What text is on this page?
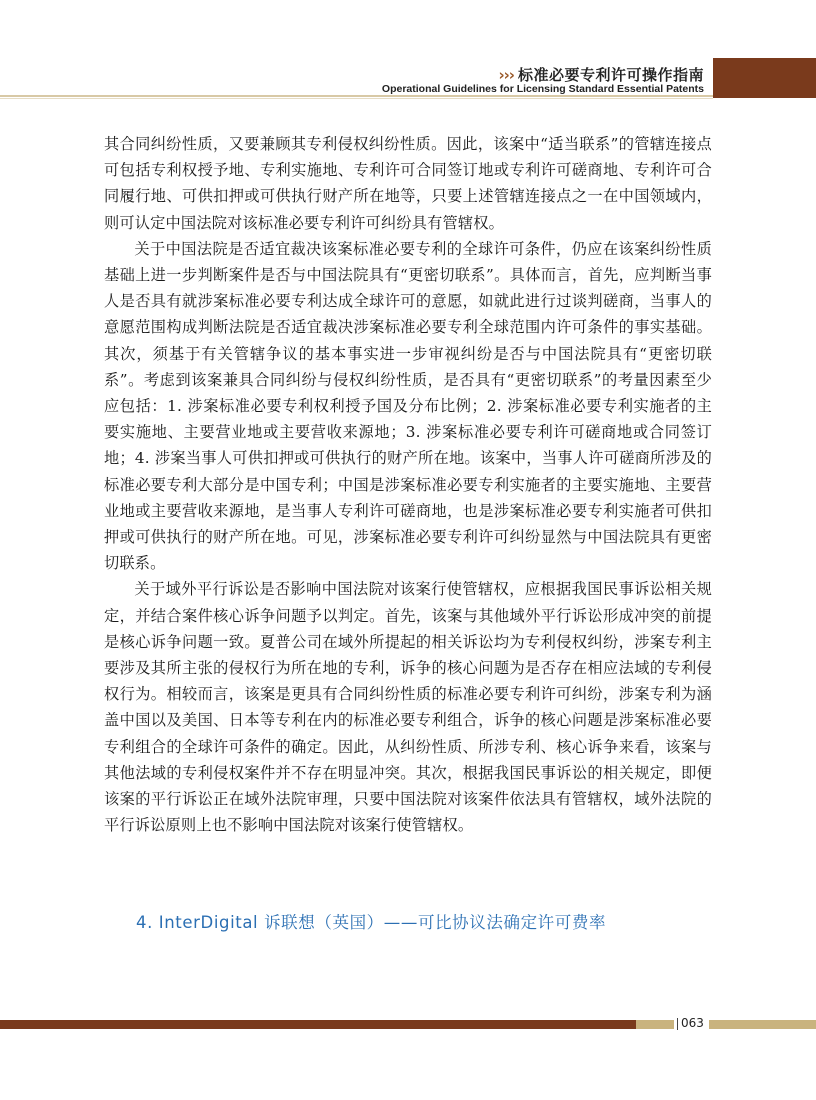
››› 标准必要专利许可操作指南
Operational Guidelines for Licensing Standard Essential Patents

其合同纠纷性质，又要兼顾其专利侵权纠纷性质。因此，该案中“适当联系”的管辖连接点可包括专利权授予地、专利实施地、专利许可合同签订地或专利许可磋商地、专利许可合同履行地、可供扣押或可供执行财产所在地等，只要上述管辖连接点之一在中国领域内，则可认定中国法院对该标准必要专利许可纠纷具有管辖权。

关于中国法院是否适宜裁决该案标准必要专利的全球许可条件，仍应在该案纠纷性质基础上进一步判断案件是否与中国法院具有“更密切联系”。具体而言，首先，应判断当事人是否具有就涉案标准必要专利达成全球许可的意愿，如就此进行过谈判磋商，当事人的意愿范围构成判断法院是否适宜裁决涉案标准必要专利全球范围内许可条件的事实基础。其次，须基于有关管辖争议的基本事实进一步审视纠纷是否与中国法院具有“更密切联系”。考虑到该案兼具合同纠纷与侵权纠纷性质，是否具有“更密切联系”的考量因素至少应包括：1. 涉案标准必要专利权利授予国及分布比例；2. 涉案标准必要专利实施者的主要实施地、主要营业地或主要营收来源地；3. 涉案标准必要专利许可磋商地或合同签订地；4. 涉案当事人可供扣押或可供执行的财产所在地。该案中，当事人许可磋商所涉及的标准必要专利大部分是中国专利；中国是涉案标准必要专利实施者的主要实施地、主要营业地或主要营收来源地，是当事人专利许可磋商地，也是涉案标准必要专利实施者可供扣押或可供执行的财产所在地。可见，涉案标准必要专利许可纠纷显然与中国法院具有更密切联系。

关于域外平行诉讼是否影响中国法院对该案行使管辖权，应根据我国民事诉讼相关规定，并结合案件核心诉争问题予以判定。首先，该案与其他域外平行诉讼形成冲突的前提是核心诉争问题一致。夏普公司在域外所提起的相关诉讼均为专利侵权纠纷，涉案专利主要涉及其所主张的侵权行为所在地的专利，诉争的核心问题为是否存在相应法域的专利侵权行为。相较而言，该案是更具有合同纠纷性质的标准必要专利许可纠纷，涉案专利为涵盖中国以及美国、日本等专利在内的标准必要专利组合，诉争的核心问题是涉案标准必要专利组合的全球许可条件的确定。因此，从纠纷性质、所涉专利、核心诉争来看，该案与其他法域的专利侵权案件并不存在明显冲突。其次，根据我国民事诉讼的相关规定，即便该案的平行诉讼正在域外法院审理，只要中国法院对该案件依法具有管辖权，域外法院的平行诉讼原则上也不影响中国法院对该案行使管辖权。

4. InterDigital 诉联想（英国）——可比协议法确定许可费率
063
